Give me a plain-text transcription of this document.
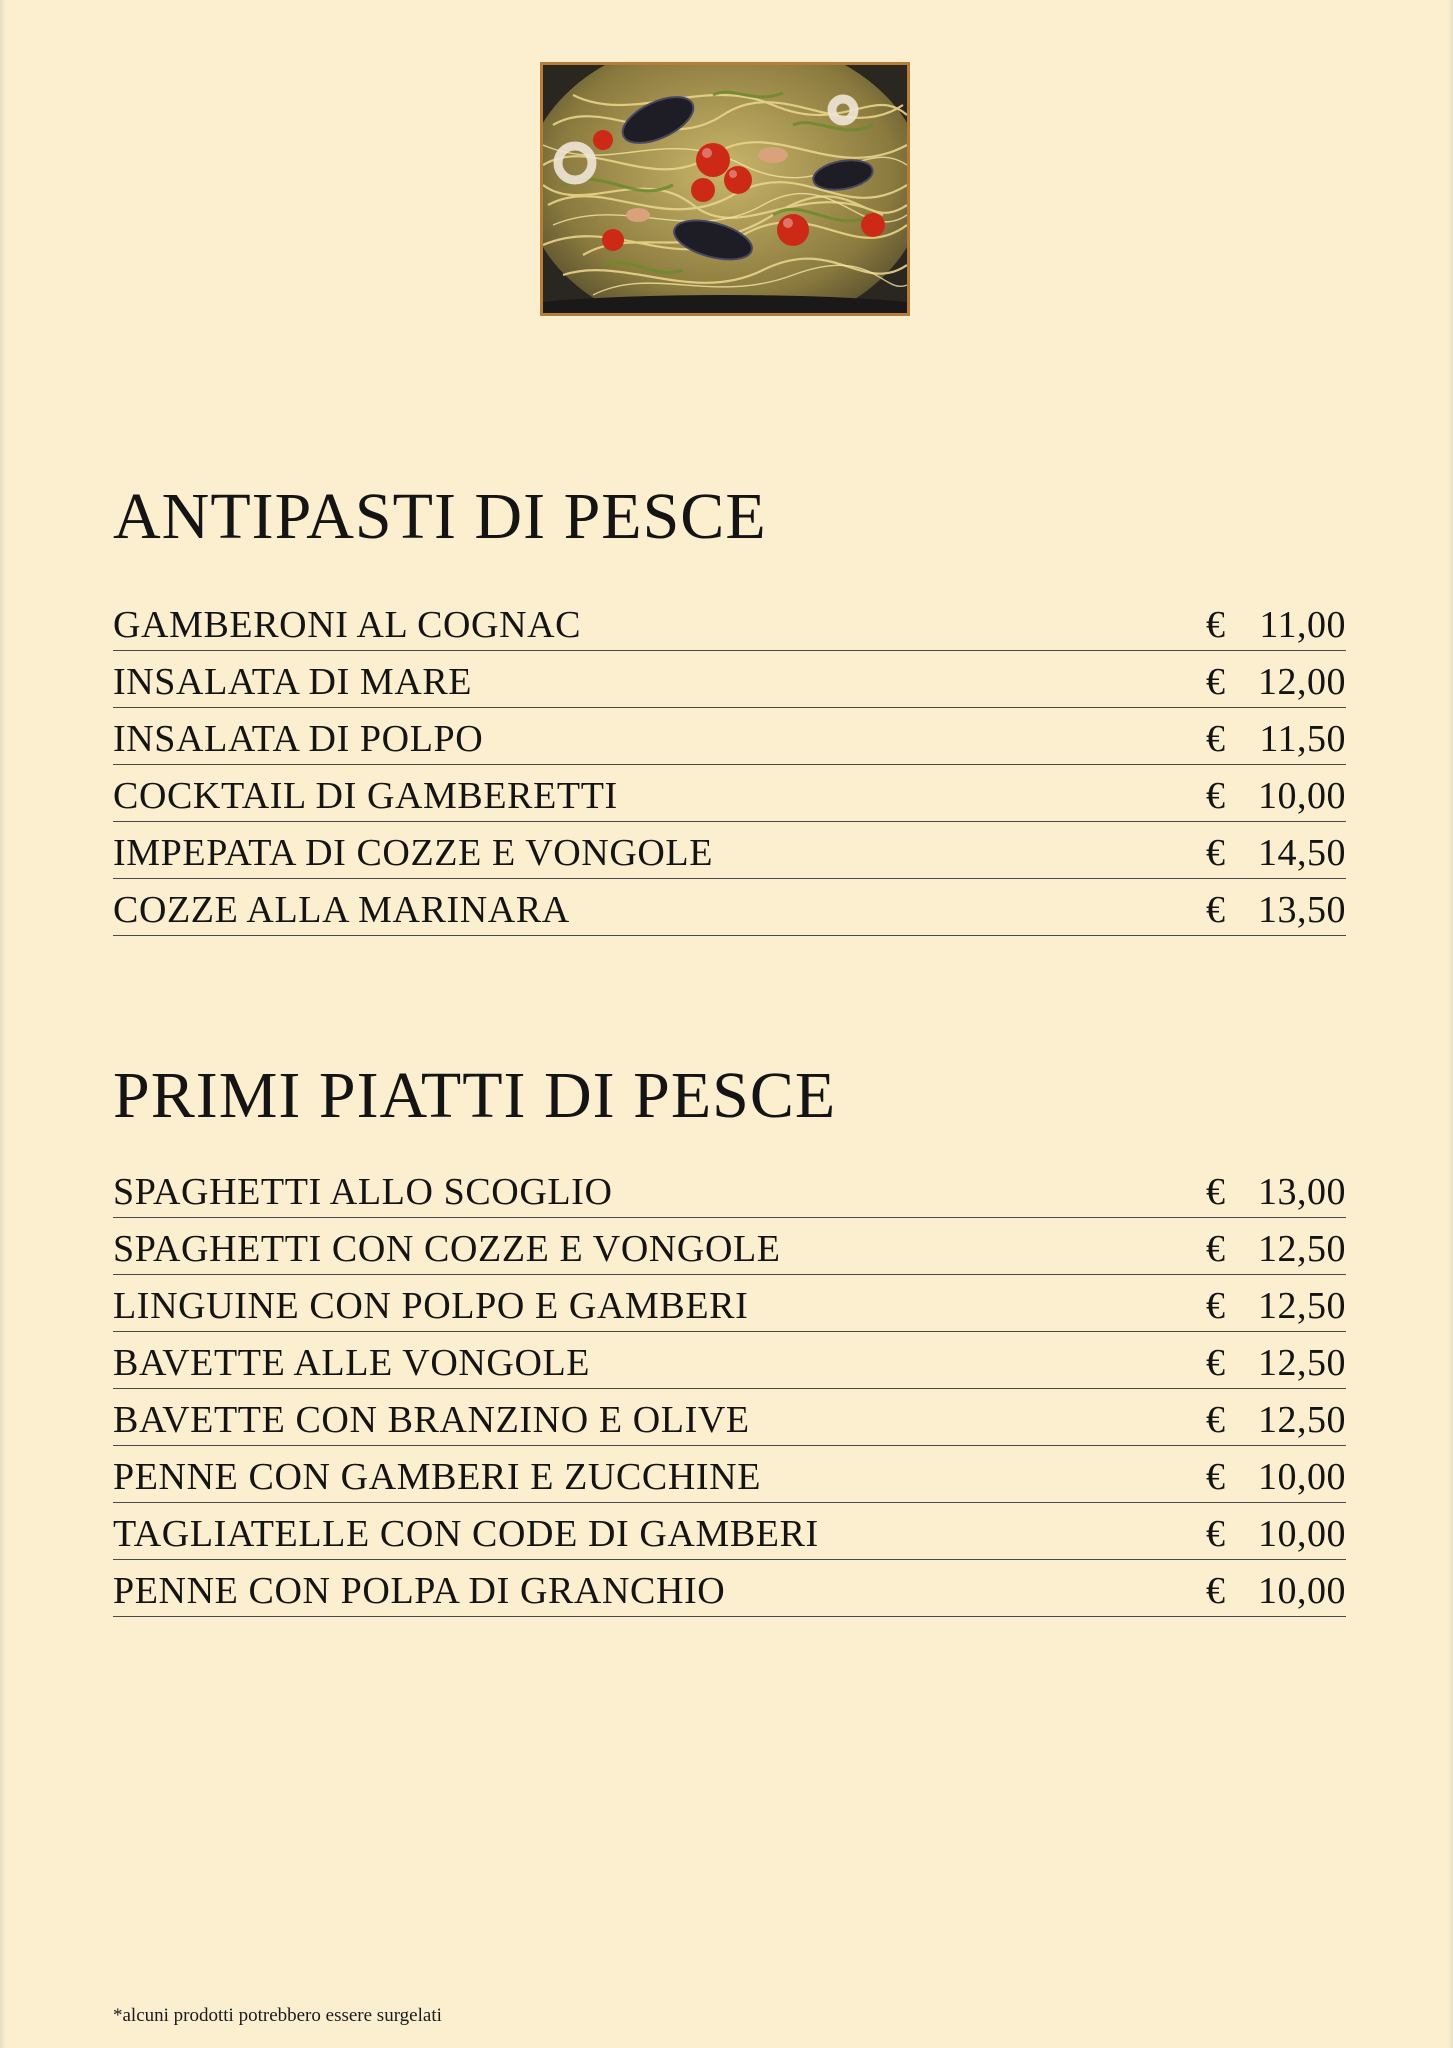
ANTIPASTI DI PESCE
GAMBERONI AL COGNAC	€ 11,00
INSALATA DI MARE	€ 12,00
INSALATA DI POLPO	€ 11,50
COCKTAIL DI GAMBERETTI	€ 10,00
IMPEPATA DI COZZE E VONGOLE	€ 14,50
COZZE ALLA MARINARA	€ 13,50
PRIMI PIATTI DI PESCE
SPAGHETTI ALLO SCOGLIO	€ 13,00
SPAGHETTI CON COZZE E VONGOLE	€ 12,50
LINGUINE CON POLPO E GAMBERI	€ 12,50
BAVETTE ALLE VONGOLE	€ 12,50
BAVETTE CON BRANZINO E OLIVE	€ 12,50
PENNE CON GAMBERI E ZUCCHINE	€ 10,00
TAGLIATELLE CON CODE DI GAMBERI	€ 10,00
PENNE CON POLPA DI GRANCHIO	€ 10,00
*alcuni prodotti potrebbero essere surgelati
